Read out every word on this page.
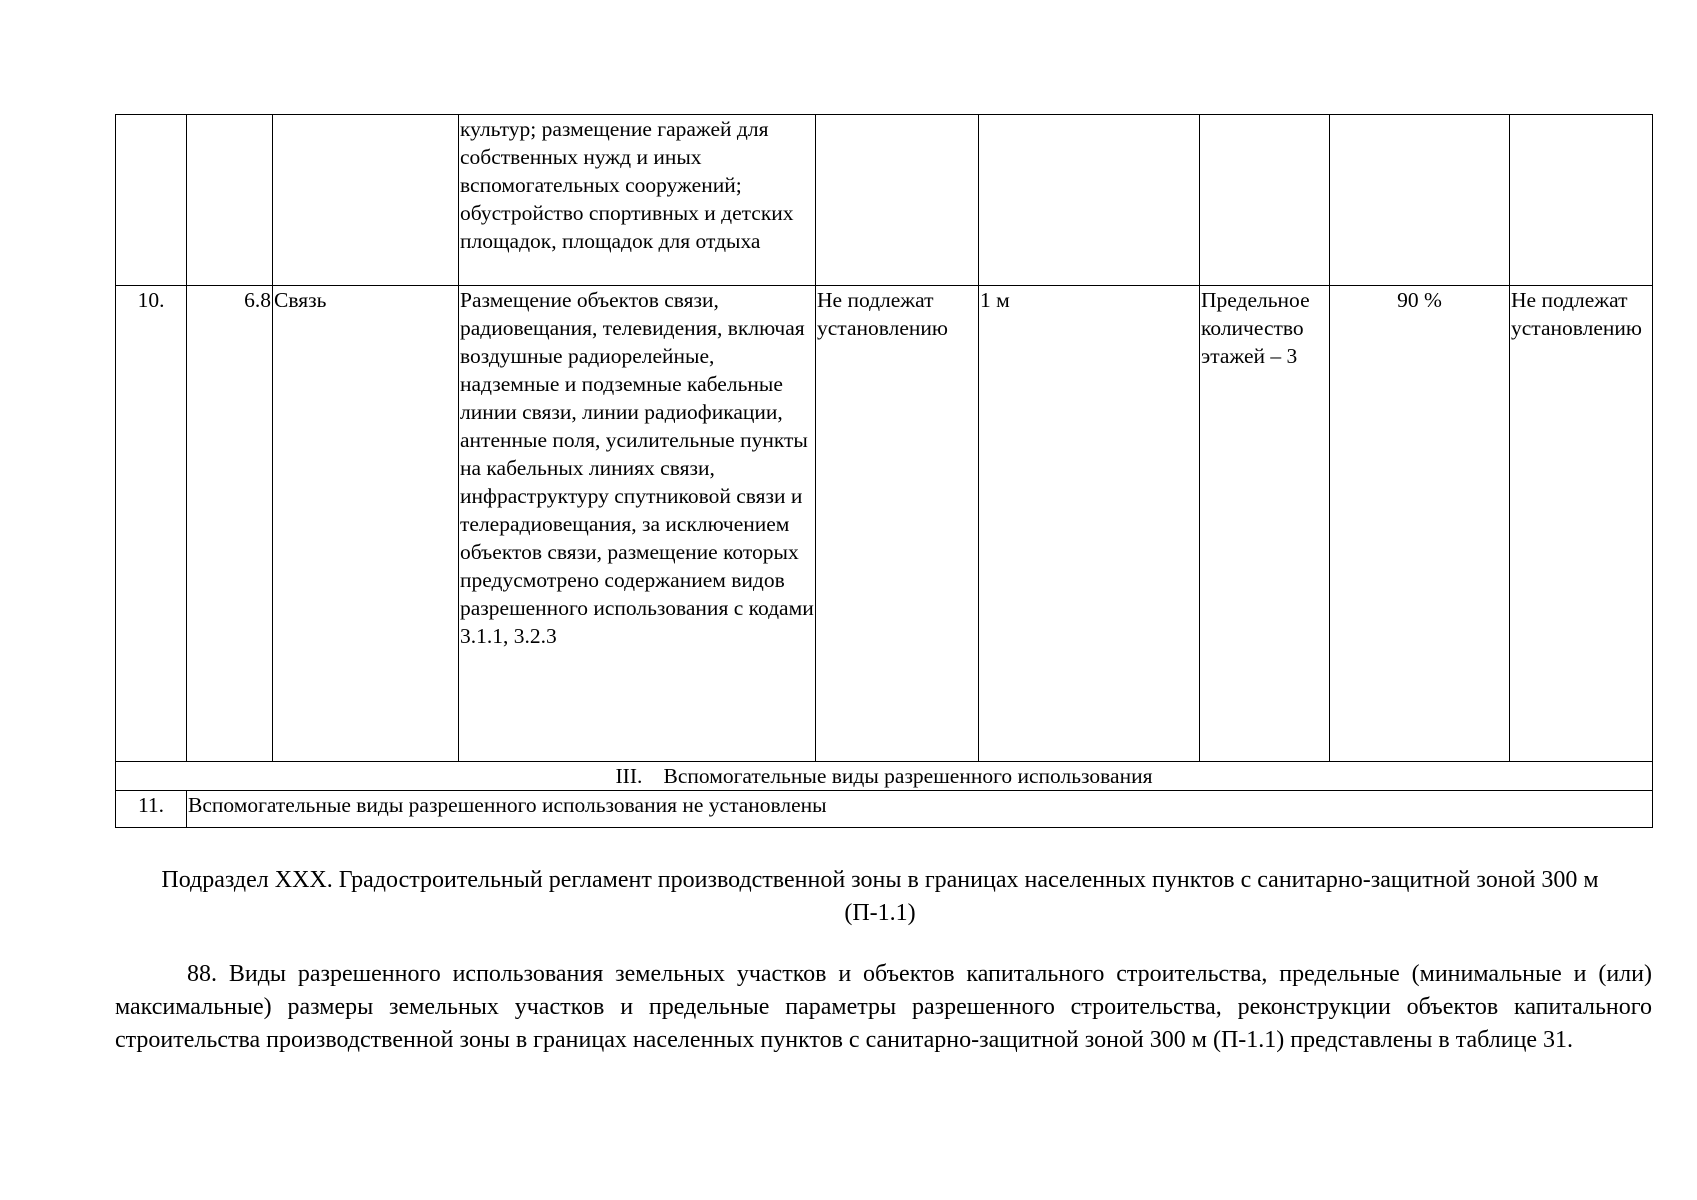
			культур; размещение гаражей для собственных нужд и иных вспомогательных сооружений; обустройство спортивных и детских площадок, площадок для отдыха					
10.	6.8	Связь	Размещение объектов связи, радиовещания, телевидения, включая воздушные радиорелейные, надземные и подземные кабельные линии связи, линии радиофикации, антенные поля, усилительные пункты на кабельных линиях связи, инфраструктуру спутниковой связи и телерадиовещания, за исключением объектов связи, размещение которых предусмотрено содержанием видов разрешенного использования с кодами 3.1.1, 3.2.3	Не подлежат установлению	1 м	Предельное количество этажей – 3	90 %	Не подлежат установлению
III. Вспомогательные виды разрешенного использования								
11.	Вспомогательные виды разрешенного использования не установлены							
Подраздел XXX. Градостроительный регламент производственной зоны в границах населенных пунктов с санитарно-защитной зоной 300 м (П-1.1)
88. Виды разрешенного использования земельных участков и объектов капитального строительства, предельные (минимальные и (или) максимальные) размеры земельных участков и предельные параметры разрешенного строительства, реконструкции объектов капитального строительства производственной зоны в границах населенных пунктов с санитарно-защитной зоной 300 м (П-1.1) представлены в таблице 31.
